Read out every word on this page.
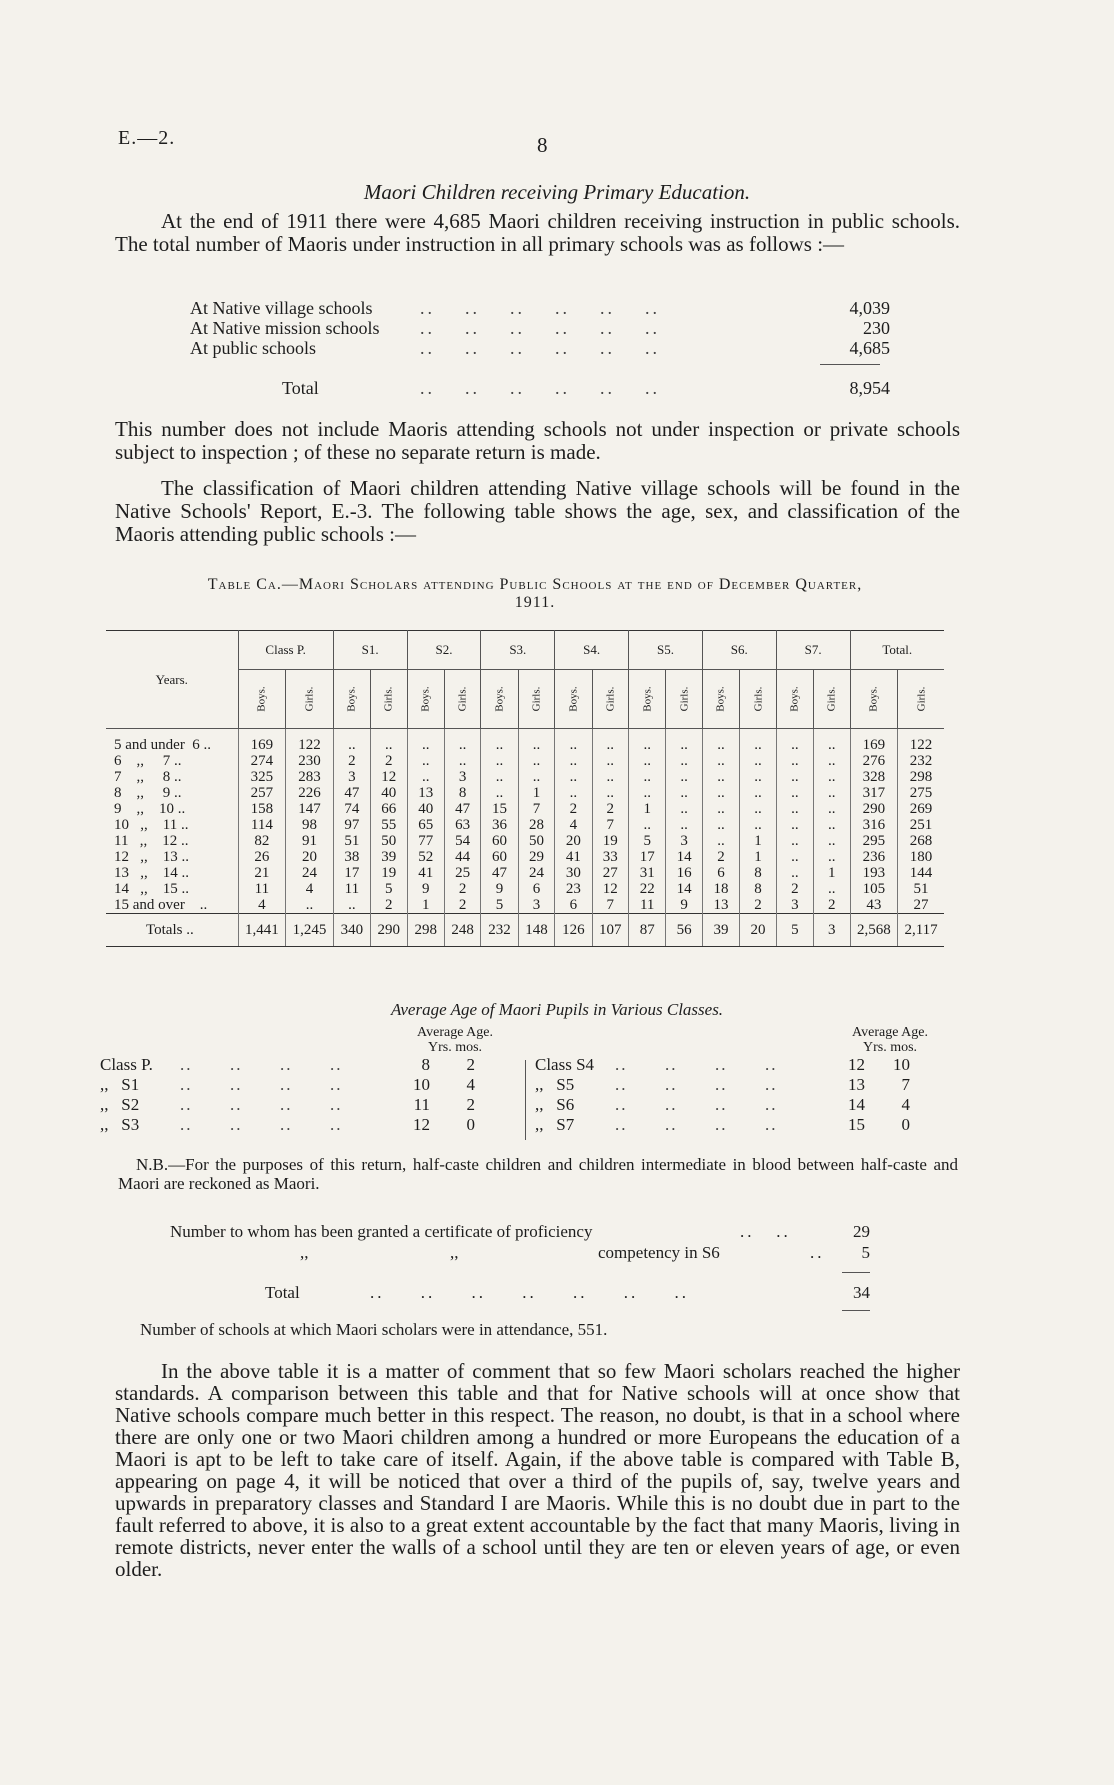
E.—2.	8
Maori Children receiving Primary Education.
At the end of 1911 there were 4,685 Maori children receiving instruction in public schools. The total number of Maoris under instruction in all primary schools was as follows :—
At Native village schools	..    ..    ..    ..    ..    ..	4,039
At Native mission schools ..    ..    ..    ..    ..    ..	230
At public schools	..    ..    ..    ..    ..    ..	4,685
Total	..    ..    ..    ..    ..    ..	8,954
This number does not include Maoris attending schools not under inspection or private schools subject to inspection ; of these no separate return is made.
The classification of Maori children attending Native village schools will be found in the Native Schools' Report, E.-3. The following table shows the age, sex, and classification of the Maoris attending public schools :—
Table Ca.—Maori Scholars attending Public Schools at the end of December Quarter,
1911.
Years.	Class P.		S1.		S2.		S3.		S4.		S5.		S6.		S7.		Total.	
	Boys.	Girls.	Boys.	Girls.	Boys.	Girls.	Boys.	Girls.	Boys.	Girls.	Boys.	Girls.	Boys.	Girls.	Boys.	Girls.	Boys.	Girls.
5 and under  6 ..	169	122	..	..	..	..	..	..	..	..	..	..	..	..	..	..	169	122
6    ,,     7 ..	274	230	2	2	..	..	..	..	..	..	..	..	..	..	..	..	276	232
7    ,,     8 ..	325	283	3	12	..	3	..	..	..	..	..	..	..	..	..	..	328	298
8    ,,     9 ..	257	226	47	40	13	8	..	1	..	..	..	..	..	..	..	..	317	275
9    ,,    10 ..	158	147	74	66	40	47	15	7	2	2	1	..	..	..	..	..	290	269
10   ,,    11 ..	114	98	97	55	65	63	36	28	4	7	..	..	..	..	..	..	316	251
11   ,,    12 ..	82	91	51	50	77	54	60	50	20	19	5	3	..	1	..	..	295	268
12   ,,    13 ..	26	20	38	39	52	44	60	29	41	33	17	14	2	1	..	..	236	180
13   ,,    14 ..	21	24	17	19	41	25	47	24	30	27	31	16	6	8	..	1	193	144
14   ,,    15 ..	11	4	11	5	9	2	9	6	23	12	22	14	18	8	2	..	105	51
15 and over    ..	4	..	..	2	1	2	5	3	6	7	11	9	13	2	3	2	43	27
Totals ..	1,441	1,245	340	290	298	248	232	148	126	107	87	56	39	20	5	3	2,568	2,117
Average Age of Maori Pupils in Various Classes.
Average Age.
Yrs. mos.
Class P. ..      ..      ..      ..	8	2
,,   S1 ..      ..      ..      ..	10	4
,,   S2 ..      ..      ..      ..	11	2
,,   S3 ..      ..      ..      ..	12	0
Average Age.
Yrs. mos.
Class S4 ..      ..      ..      ..	12	10
,,   S5 ..      ..      ..      ..	13	7
,,   S6 ..      ..      ..      ..	14	4
,,   S7 ..      ..      ..      ..	15	0
N.B.—For the purposes of this return, half-caste children and children intermediate in blood between half-caste and Maori are reckoned as Maori.
Number to whom has been granted a certificate of proficiency	..   ..	29
,,	,,	competency in S6	..	5
Total	..     ..     ..     ..     ..     ..     ..	34
Number of schools at which Maori scholars were in attendance, 551.
In the above table it is a matter of comment that so few Maori scholars reached the higher standards. A comparison between this table and that for Native schools will at once show that Native schools compare much better in this respect. The reason, no doubt, is that in a school where there are only one or two Maori children among a hundred or more Europeans the education of a Maori is apt to be left to take care of itself. Again, if the above table is compared with Table B, appearing on page 4, it will be noticed that over a third of the pupils of, say, twelve years and upwards in preparatory classes and Standard I are Maoris. While this is no doubt due in part to the fault referred to above, it is also to a great extent accountable by the fact that many Maoris, living in remote districts, never enter the walls of a school until they are ten or eleven years of age, or even older.
